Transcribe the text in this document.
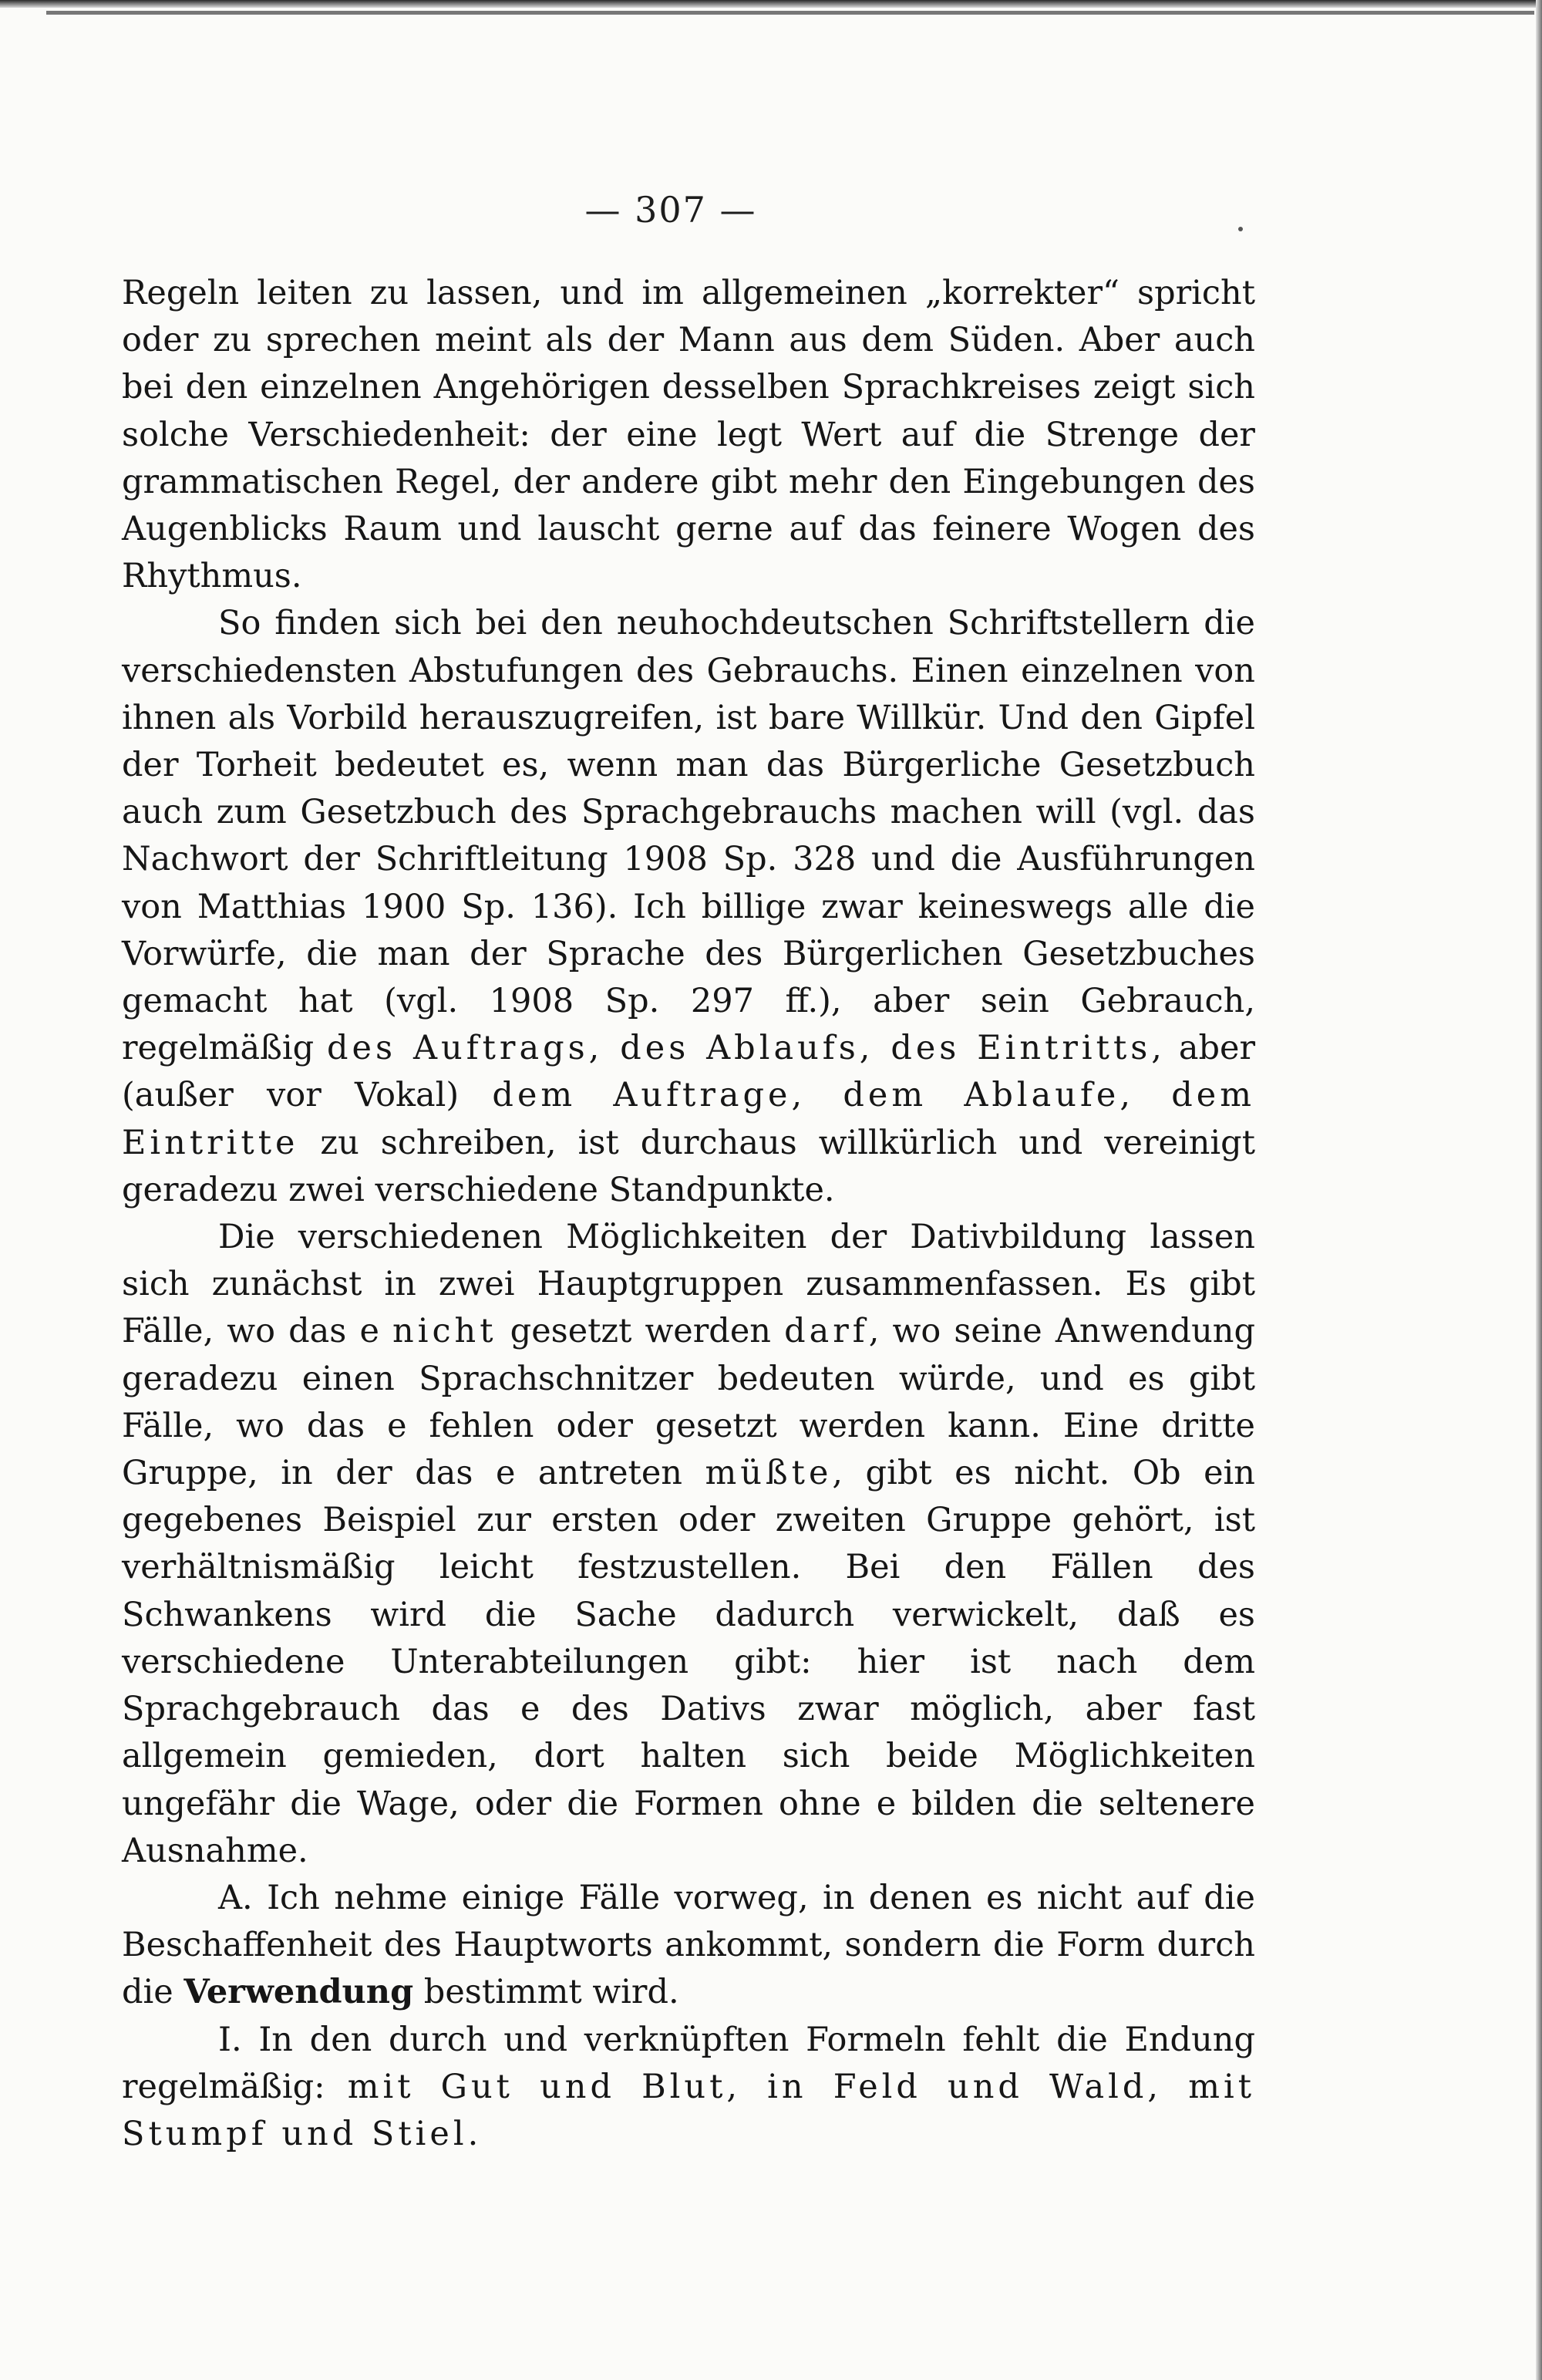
— 307 —

Regeln leiten zu lassen, und im allgemeinen „korrekter“ spricht oder zu sprechen meint als der Mann aus dem Süden. Aber auch bei den einzelnen Angehörigen desselben Sprachkreises zeigt sich solche Verschiedenheit: der eine legt Wert auf die Strenge der grammatischen Regel, der andere gibt mehr den Eingebungen des Augenblicks Raum und lauscht gerne auf das feinere Wogen des Rhythmus.

So finden sich bei den neuhochdeutschen Schriftstellern die verschiedensten Abstufungen des Gebrauchs. Einen einzelnen von ihnen als Vorbild herauszugreifen, ist bare Willkür. Und den Gipfel der Torheit bedeutet es, wenn man das Bürgerliche Gesetzbuch auch zum Gesetzbuch des Sprachgebrauchs machen will (vgl. das Nachwort der Schriftleitung 1908 Sp. 328 und die Ausführungen von Matthias 1900 Sp. 136). Ich billige zwar keineswegs alle die Vorwürfe, die man der Sprache des Bürgerlichen Gesetzbuches gemacht hat (vgl. 1908 Sp. 297 ff.), aber sein Gebrauch, regelmäßig des Auftrags, des Ablaufs, des Eintritts, aber (außer vor Vokal) dem Auftrage, dem Ablaufe, dem Eintritte zu schreiben, ist durchaus willkürlich und vereinigt geradezu zwei verschiedene Standpunkte.

Die verschiedenen Möglichkeiten der Dativbildung lassen sich zunächst in zwei Hauptgruppen zusammenfassen. Es gibt Fälle, wo das e nicht gesetzt werden darf, wo seine Anwendung geradezu einen Sprachschnitzer bedeuten würde, und es gibt Fälle, wo das e fehlen oder gesetzt werden kann. Eine dritte Gruppe, in der das e antreten müßte, gibt es nicht. Ob ein gegebenes Beispiel zur ersten oder zweiten Gruppe gehört, ist verhältnismäßig leicht festzustellen. Bei den Fällen des Schwankens wird die Sache dadurch verwickelt, daß es verschiedene Unterabteilungen gibt: hier ist nach dem Sprachgebrauch das e des Dativs zwar möglich, aber fast allgemein gemieden, dort halten sich beide Möglichkeiten ungefähr die Wage, oder die Formen ohne e bilden die seltenere Ausnahme.

A. Ich nehme einige Fälle vorweg, in denen es nicht auf die Beschaffenheit des Hauptworts ankommt, sondern die Form durch die Verwendung bestimmt wird.

I. In den durch und verknüpften Formeln fehlt die Endung regelmäßig: mit Gut und Blut, in Feld und Wald, mit Stumpf und Stiel.
